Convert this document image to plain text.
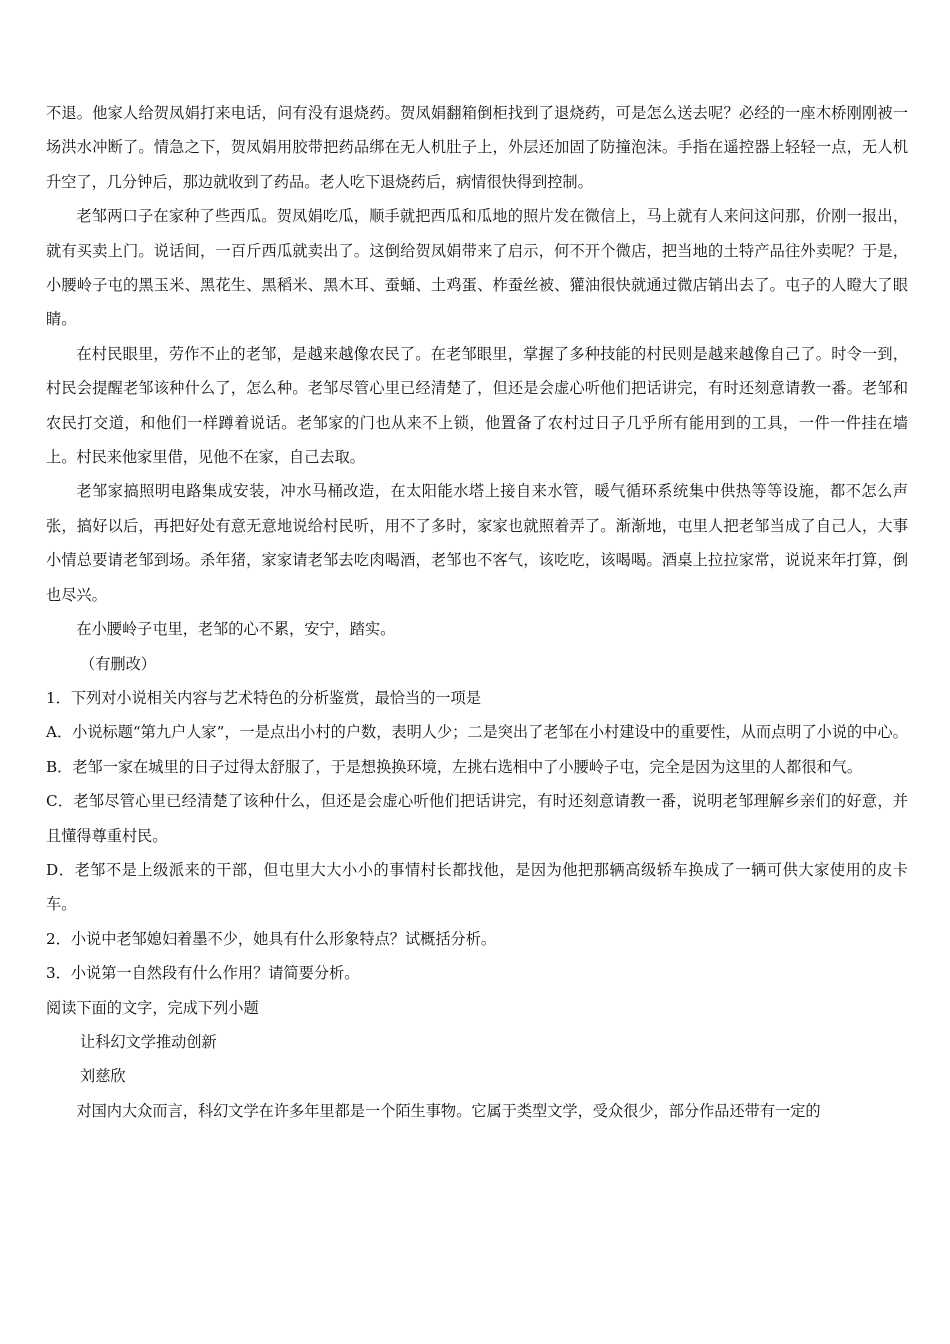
不退。他家人给贺凤娟打来电话，问有没有退烧药。贺凤娟翻箱倒柜找到了退烧药，可是怎么送去呢？必经的一座木桥刚刚被一场洪水冲断了。情急之下，贺凤娟用胶带把药品绑在无人机肚子上，外层还加固了防撞泡沫。手指在遥控器上轻轻一点，无人机升空了，几分钟后，那边就收到了药品。老人吃下退烧药后，病情很快得到控制。

老邹两口子在家种了些西瓜。贺凤娟吃瓜，顺手就把西瓜和瓜地的照片发在微信上，马上就有人来问这问那，价刚一报出，就有买卖上门。说话间，一百斤西瓜就卖出了。这倒给贺凤娟带来了启示，何不开个微店，把当地的土特产品往外卖呢？于是，小腰岭子屯的黑玉米、黑花生、黑稻米、黑木耳、蚕蛹、土鸡蛋、柞蚕丝被、獾油很快就通过微店销出去了。屯子的人瞪大了眼睛。

在村民眼里，劳作不止的老邹，是越来越像农民了。在老邹眼里，掌握了多种技能的村民则是越来越像自己了。时令一到，村民会提醒老邹该种什么了，怎么种。老邹尽管心里已经清楚了，但还是会虚心听他们把话讲完，有时还刻意请教一番。老邹和农民打交道，和他们一样蹲着说话。老邹家的门也从来不上锁，他置备了农村过日子几乎所有能用到的工具，一件一件挂在墙上。村民来他家里借，见他不在家，自己去取。

老邹家搞照明电路集成安装，冲水马桶改造，在太阳能水塔上接自来水管，暖气循环系统集中供热等等设施，都不怎么声张，搞好以后，再把好处有意无意地说给村民听，用不了多时，家家也就照着弄了。渐渐地，屯里人把老邹当成了自己人，大事小情总要请老邹到场。杀年猪，家家请老邹去吃肉喝酒，老邹也不客气，该吃吃，该喝喝。酒桌上拉拉家常，说说来年打算，倒也尽兴。

在小腰岭子屯里，老邹的心不累，安宁，踏实。

（有删改）

1．下列对小说相关内容与艺术特色的分析鉴赏，最恰当的一项是

A．小说标题“第九户人家”，一是点出小村的户数，表明人少；二是突出了老邹在小村建设中的重要性，从而点明了小说的中心。

B．老邹一家在城里的日子过得太舒服了，于是想换换环境，左挑右选相中了小腰岭子屯，完全是因为这里的人都很和气。

C．老邹尽管心里已经清楚了该种什么，但还是会虚心听他们把话讲完，有时还刻意请教一番，说明老邹理解乡亲们的好意，并且懂得尊重村民。

D．老邹不是上级派来的干部，但屯里大大小小的事情村长都找他，是因为他把那辆高级轿车换成了一辆可供大家使用的皮卡车。

2．小说中老邹媳妇着墨不少，她具有什么形象特点？试概括分析。

3．小说第一自然段有什么作用？请简要分析。

阅读下面的文字，完成下列小题

让科幻文学推动创新

刘慈欣

对国内大众而言，科幻文学在许多年里都是一个陌生事物。它属于类型文学，受众很少，部分作品还带有一定的
